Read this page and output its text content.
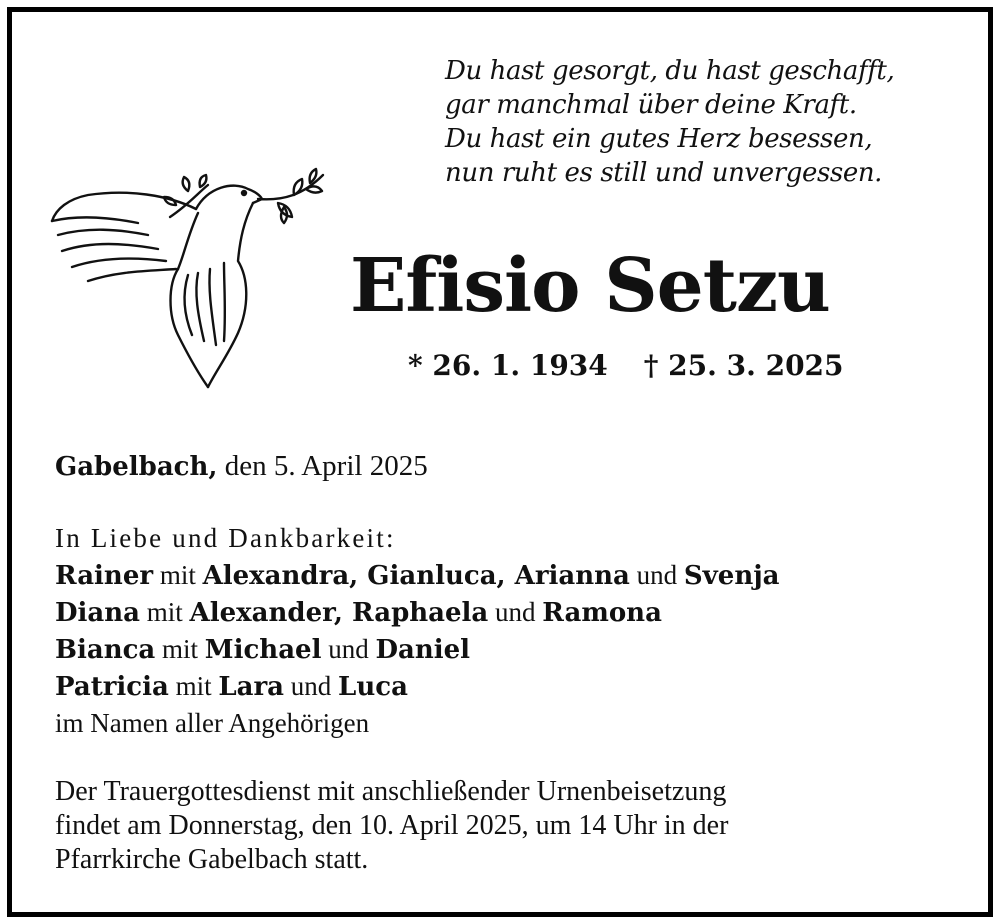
Du hast gesorgt, du hast geschafft,
gar manchmal über deine Kraft.
Du hast ein gutes Herz besessen,
nun ruht es still und unvergessen.
Efisio Setzu
* 26. 1. 1934 † 25. 3. 2025
Gabelbach, den 5. April 2025
In Liebe und Dankbarkeit:
Rainer mit Alexandra, Gianluca, Arianna und Svenja
Diana mit Alexander, Raphaela und Ramona
Bianca mit Michael und Daniel
Patricia mit Lara und Luca
im Namen aller Angehörigen
Der Trauergottesdienst mit anschließender Urnenbeisetzung
findet am Donnerstag, den 10. April 2025, um 14 Uhr in der
Pfarrkirche Gabelbach statt.
